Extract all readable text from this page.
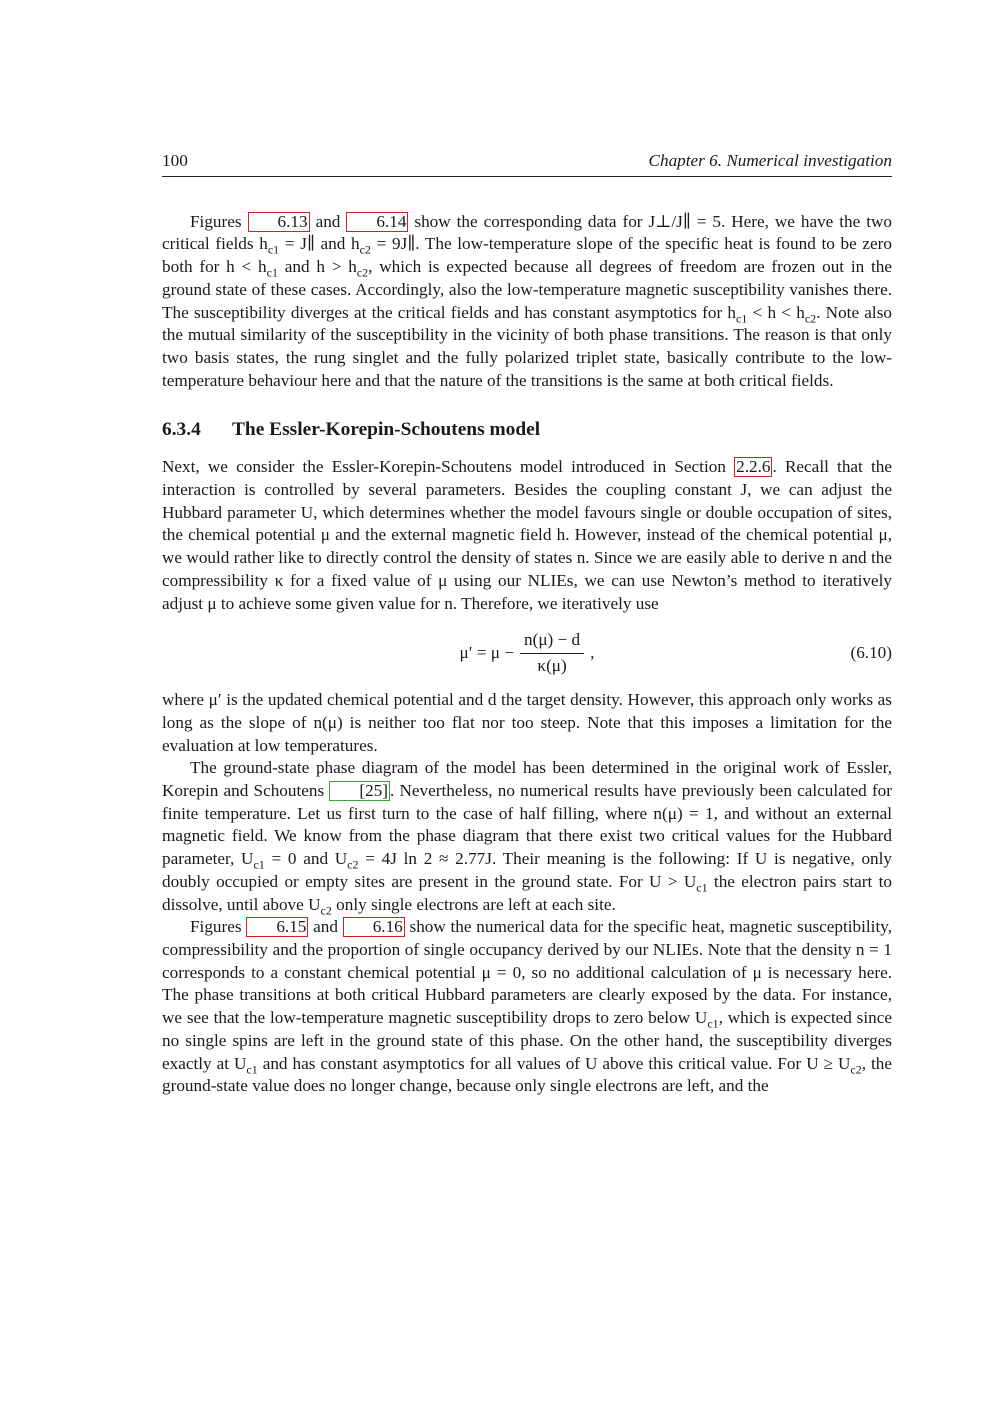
100	Chapter 6. Numerical investigation

Figures 6.13 and 6.14 show the corresponding data for J⊥/J∥ = 5. Here, we have the two critical fields $h_{c1}$ = J∥ and $h_{c2}$ = 9J∥. The low-temperature slope of the specific heat is found to be zero both for $h < h_{c1}$ and $h > h_{c2}$, which is expected because all degrees of freedom are frozen out in the ground state of these cases. Accordingly, also the low-temperature magnetic susceptibility vanishes there. The susceptibility diverges at the critical fields and has constant asymptotics for $h_{c1} < h < h_{c2}$. Note also the mutual similarity of the susceptibility in the vicinity of both phase transitions. The reason is that only two basis states, the rung singlet and the fully polarized triplet state, basically contribute to the low-temperature behaviour here and that the nature of the transitions is the same at both critical fields.

6.3.4 The Essler-Korepin-Schoutens model

Next, we consider the Essler-Korepin-Schoutens model introduced in Section 2.2.6 . Recall that the interaction is controlled by several parameters. Besides the coupling constant J, we can adjust the Hubbard parameter U, which determines whether the model favours single or double occupation of sites, the chemical potential μ and the external magnetic field h. However, instead of the chemical potential μ, we would rather like to directly control the density of states n. Since we are easily able to derive n and the compressibility κ for a fixed value of μ using our NLIEs, we can use Newton’s method to iteratively adjust μ to achieve some given value for n. Therefore, we iteratively use

$\mu' = \mu - \frac{n(\mu) - d}{\kappa(\mu)}$ ,	(6.10)

where μ′ is the updated chemical potential and d the target density. However, this approach only works as long as the slope of n(μ) is neither too flat nor too steep. Note that this imposes a limitation for the evaluation at low temperatures.

The ground-state phase diagram of the model has been determined in the original work of Essler, Korepin and Schoutens [25] . Nevertheless, no numerical results have previously been calculated for finite temperature. Let us first turn to the case of half filling, where n(μ) = 1, and without an external magnetic field. We know from the phase diagram that there exist two critical values for the Hubbard parameter, $U_{c1} = 0$ and $U_{c2} = 4J$ ln 2 ≈ 2.77J. Their meaning is the following: If U is negative, only doubly occupied or empty sites are present in the ground state. For $U > U_{c1}$ the electron pairs start to dissolve, until above $U_{c2}$ only single electrons are left at each site.

Figures 6.15 and 6.16 show the numerical data for the specific heat, magnetic susceptibility, compressibility and the proportion of single occupancy derived by our NLIEs. Note that the density n = 1 corresponds to a constant chemical potential μ = 0, so no additional calculation of μ is necessary here. The phase transitions at both critical Hubbard parameters are clearly exposed by the data. For instance, we see that the low-temperature magnetic susceptibility drops to zero below $U_{c1}$, which is expected since no single spins are left in the ground state of this phase. On the other hand, the susceptibility diverges exactly at $U_{c1}$ and has constant asymptotics for all values of U above this critical value. For $U \ge U_{c2}$, the ground-state value does no longer change, because only single electrons are left, and the
